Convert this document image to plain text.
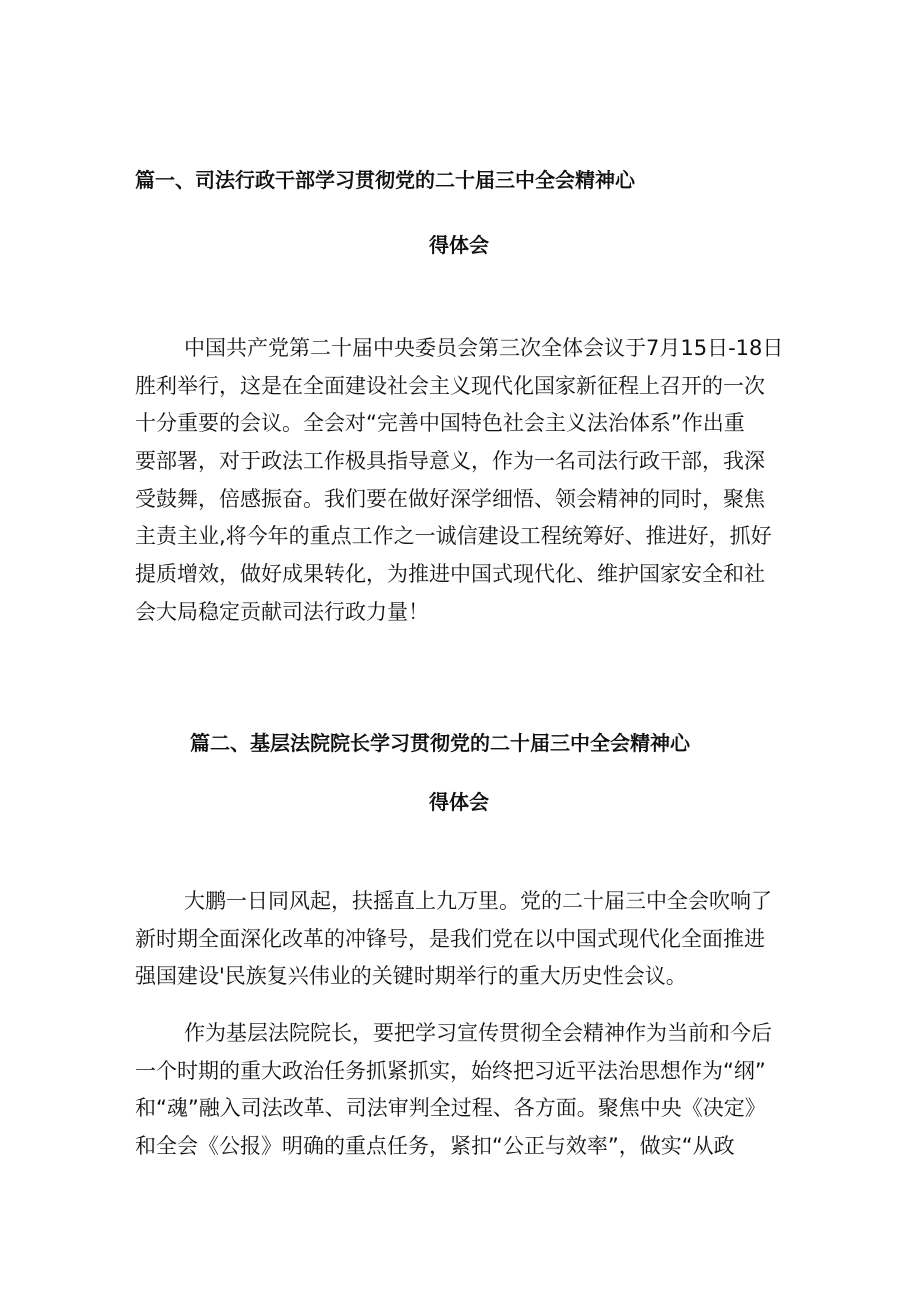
篇一、司法行政干部学习贯彻党的二十届三中全会精神心
得体会
中国共产党第二十届中央委员会第三次全体会议于7月15日-18日
胜利举行，这是在全面建设社会主义现代化国家新征程上召开的一次
十分重要的会议。全会对“完善中国特色社会主义法治体系”作出重
要部署，对于政法工作极具指导意义，作为一名司法行政干部，我深
受鼓舞，倍感振奋。我们要在做好深学细悟、领会精神的同时，聚焦
主责主业,将今年的重点工作之一诚信建设工程统筹好、推进好，抓好
提质增效，做好成果转化，为推进中国式现代化、维护国家安全和社
会大局稳定贡献司法行政力量！
篇二、基层法院院长学习贯彻党的二十届三中全会精神心
得体会
大鹏一日同风起，扶摇直上九万里。党的二十届三中全会吹响了
新时期全面深化改革的冲锋号，是我们党在以中国式现代化全面推进
强国建设'民族复兴伟业的关键时期举行的重大历史性会议。
作为基层法院院长，要把学习宣传贯彻全会精神作为当前和今后
一个时期的重大政治任务抓紧抓实，始终把习近平法治思想作为“纲”
和“魂”融入司法改革、司法审判全过程、各方面。聚焦中央《决定》
和全会《公报》明确的重点任务，紧扣“公正与效率”，做实“从政
